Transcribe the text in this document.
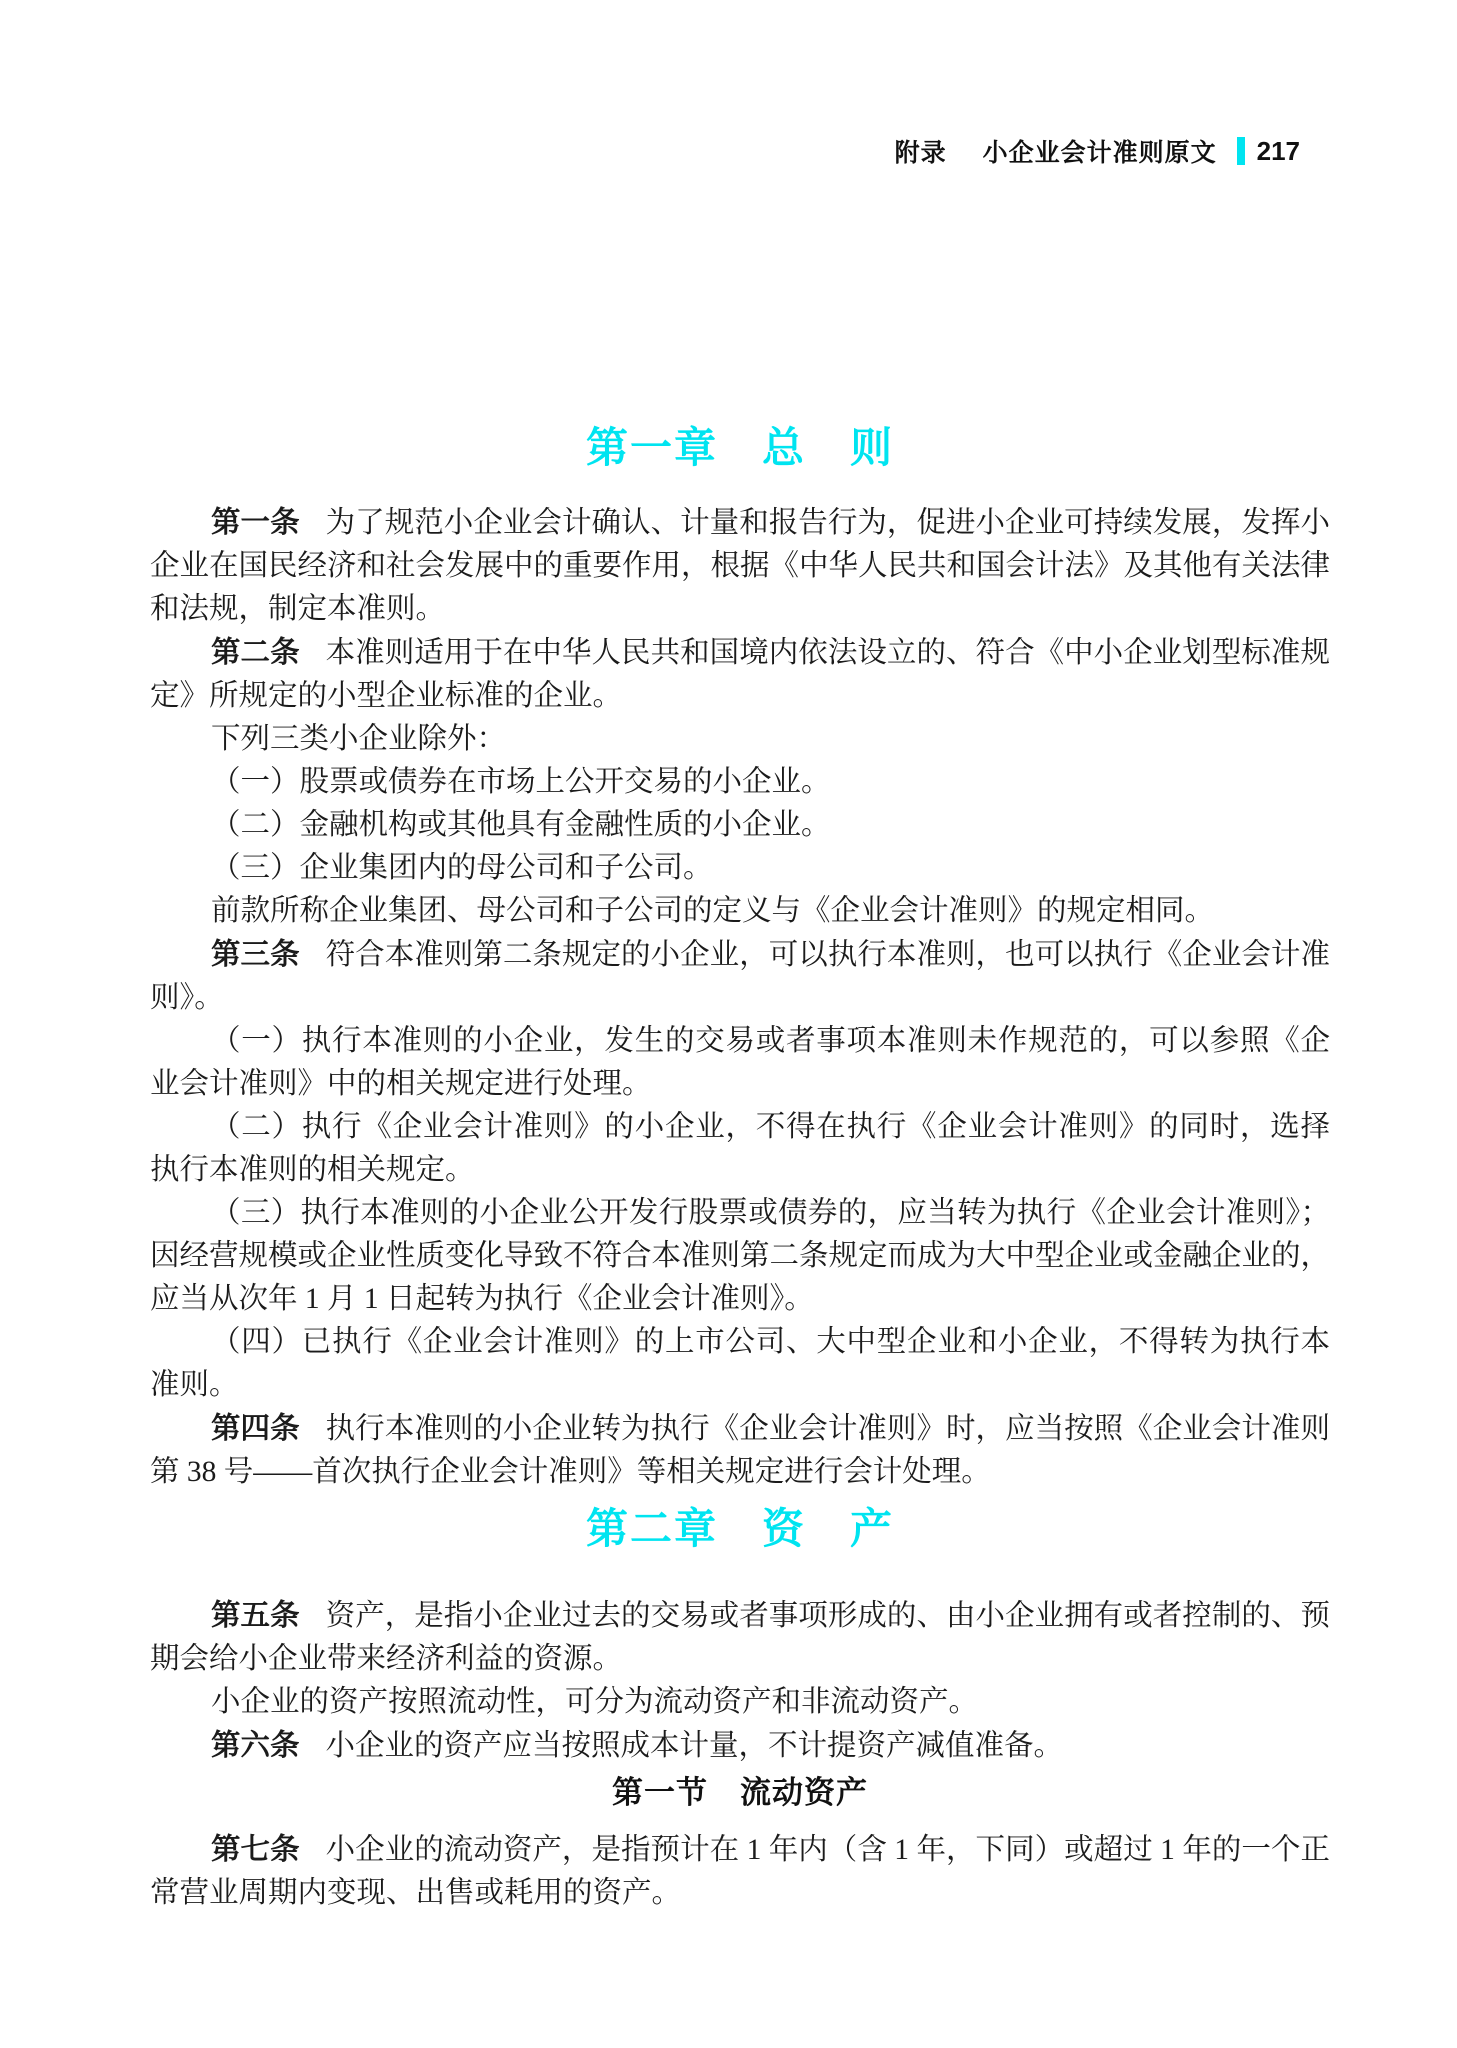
附录 小企业会计准则原文 217
第一章　总　则

第一条 为了规范小企业会计确认、计量和报告行为，促进小企业可持续发展，发挥小企业在国民经济和社会发展中的重要作用，根据《中华人民共和国会计法》及其他有关法律和法规，制定本准则。

第二条 本准则适用于在中华人民共和国境内依法设立的、符合《中小企业划型标准规定》所规定的小型企业标准的企业。

下列三类小企业除外：

（一）股票或债券在市场上公开交易的小企业。

（二）金融机构或其他具有金融性质的小企业。

（三）企业集团内的母公司和子公司。

前款所称企业集团、母公司和子公司的定义与《企业会计准则》的规定相同。

第三条 符合本准则第二条规定的小企业，可以执行本准则，也可以执行《企业会计准则》。

（一）执行本准则的小企业，发生的交易或者事项本准则未作规范的，可以参照《企业会计准则》中的相关规定进行处理。

（二）执行《企业会计准则》的小企业，不得在执行《企业会计准则》的同时，选择执行本准则的相关规定。

（三）执行本准则的小企业公开发行股票或债券的，应当转为执行《企业会计准则》；因经营规模或企业性质变化导致不符合本准则第二条规定而成为大中型企业或金融企业的，应当从次年 1 月 1 日起转为执行《企业会计准则》。

（四）已执行《企业会计准则》的上市公司、大中型企业和小企业，不得转为执行本准则。

第四条 执行本准则的小企业转为执行《企业会计准则》时，应当按照《企业会计准则第 38 号——首次执行企业会计准则》等相关规定进行会计处理。

第二章　资　产

第五条 资产，是指小企业过去的交易或者事项形成的、由小企业拥有或者控制的、预期会给小企业带来经济利益的资源。

小企业的资产按照流动性，可分为流动资产和非流动资产。

第六条 小企业的资产应当按照成本计量，不计提资产减值准备。

第一节　流动资产

第七条 小企业的流动资产，是指预计在 1 年内（含 1 年，下同）或超过 1 年的一个正常营业周期内变现、出售或耗用的资产。
